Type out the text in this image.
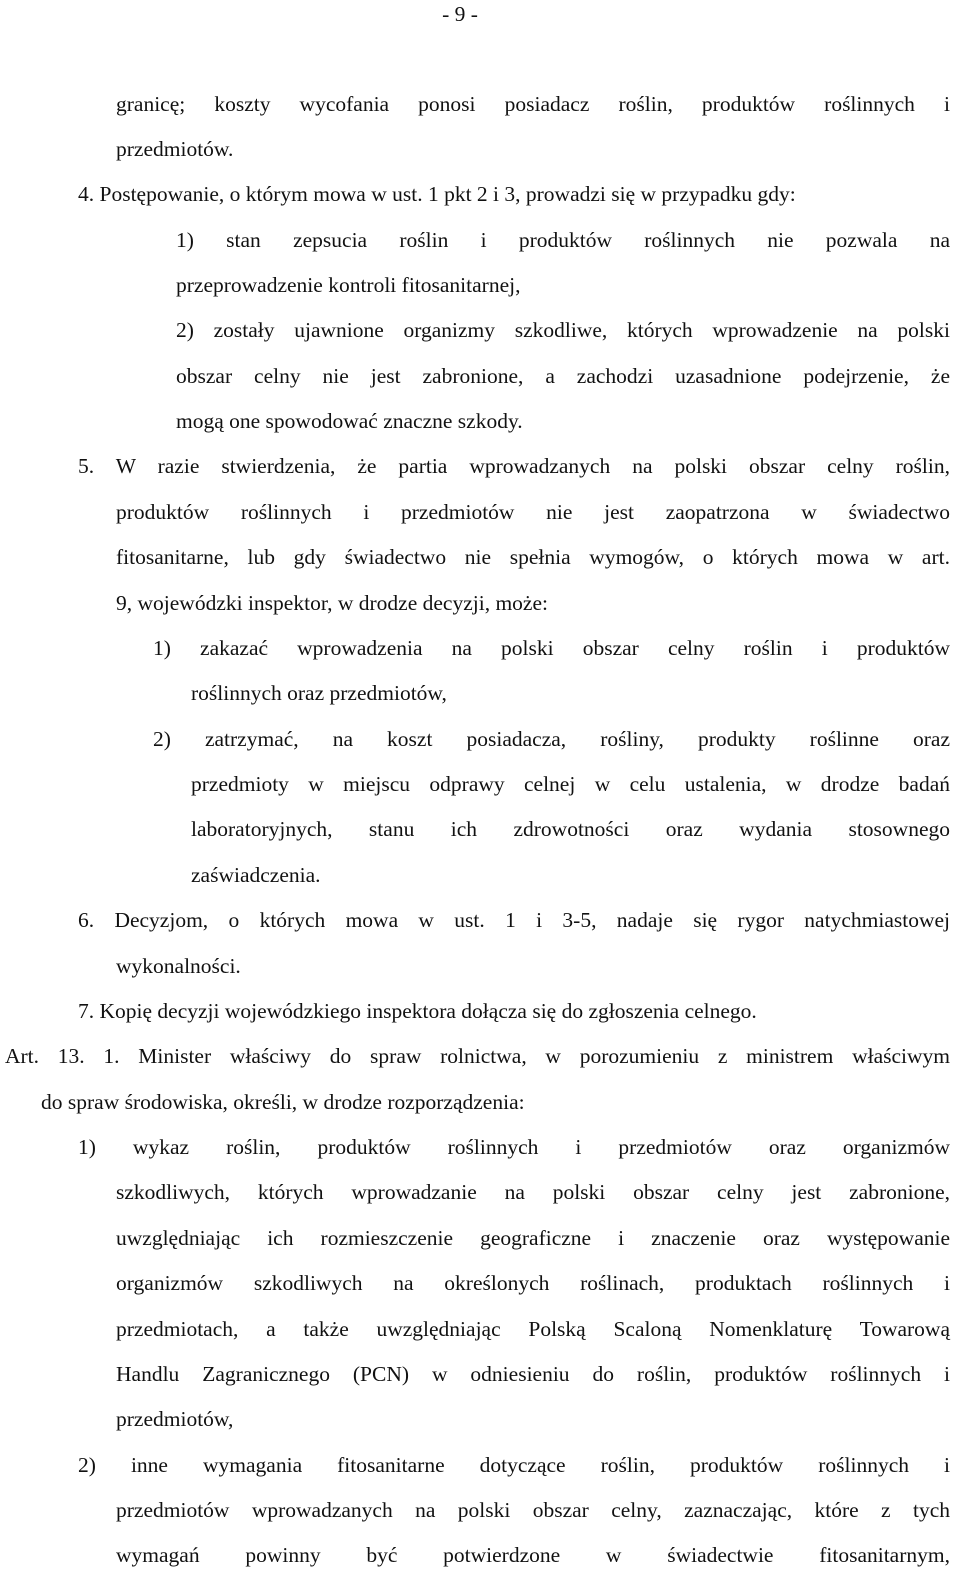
- 9 -
granicę; koszty wycofania ponosi posiadacz roślin, produktów roślinnych i
przedmiotów.
4. Postępowanie, o którym mowa w ust. 1 pkt 2 i 3, prowadzi się w przypadku gdy:
1) stan zepsucia roślin i produktów roślinnych nie pozwala na
przeprowadzenie kontroli fitosanitarnej,
2) zostały ujawnione organizmy szkodliwe, których wprowadzenie na polski
obszar celny nie jest zabronione, a zachodzi uzasadnione podejrzenie, że
mogą one spowodować znaczne szkody.
5. W razie stwierdzenia, że partia wprowadzanych na polski obszar celny roślin,
produktów roślinnych i przedmiotów nie jest zaopatrzona w świadectwo
fitosanitarne, lub gdy świadectwo nie spełnia wymogów, o których mowa w art.
9, wojewódzki inspektor, w drodze decyzji, może:
1) zakazać wprowadzenia na polski obszar celny roślin i produktów
roślinnych oraz przedmiotów,
2) zatrzymać, na koszt posiadacza, rośliny, produkty roślinne oraz
przedmioty w miejscu odprawy celnej w celu ustalenia, w drodze badań
laboratoryjnych, stanu ich zdrowotności oraz wydania stosownego
zaświadczenia.
6. Decyzjom, o których mowa w ust. 1 i 3-5, nadaje się rygor natychmiastowej
wykonalności.
7. Kopię decyzji wojewódzkiego inspektora dołącza się do zgłoszenia celnego.
Art. 13. 1. Minister właściwy do spraw rolnictwa, w porozumieniu z ministrem właściwym
do spraw środowiska, określi, w drodze rozporządzenia:
1) wykaz roślin, produktów roślinnych i przedmiotów oraz organizmów
szkodliwych, których wprowadzanie na polski obszar celny jest zabronione,
uwzględniając ich rozmieszczenie geograficzne i znaczenie oraz występowanie
organizmów szkodliwych na określonych roślinach, produktach roślinnych i
przedmiotach, a także uwzględniając Polską Scaloną Nomenklaturę Towarową
Handlu Zagranicznego (PCN) w odniesieniu do roślin, produktów roślinnych i
przedmiotów,
2) inne wymagania fitosanitarne dotyczące roślin, produktów roślinnych i
przedmiotów wprowadzanych na polski obszar celny, zaznaczając, które z tych
wymagań powinny być potwierdzone w świadectwie fitosanitarnym,
